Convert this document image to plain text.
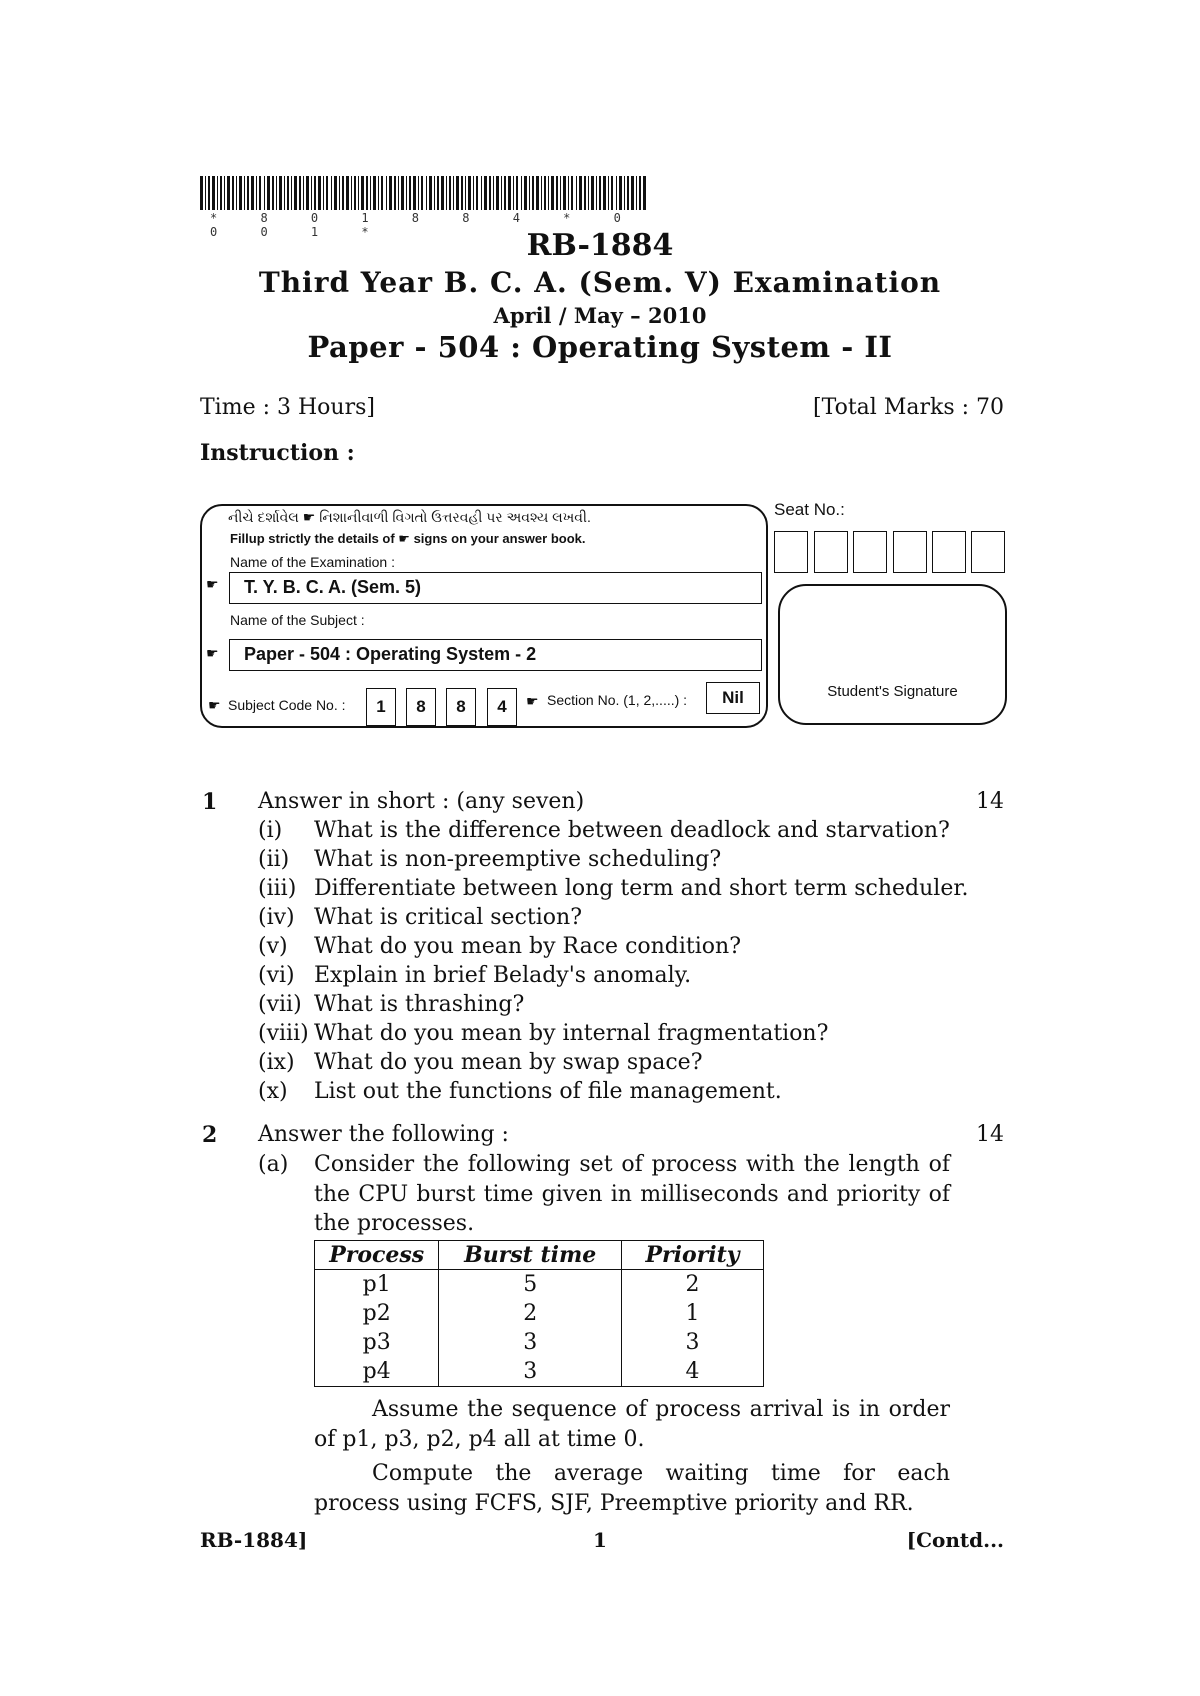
* 8 0 1 8 8 4 * 0 0 0 1 *	RB-1884
Third Year B. C. A. (Sem. V) Examination
April / May – 2010
Paper - 504 : Operating System - II
Time : 3 Hours]	[Total Marks : 70
Instruction :
નીચે દર્શાવેલ ☛ નિશાનીવાળી વિગતો ઉત્તરવહી પર અવશ્ય લખવી.
Fillup strictly the details of ☛ signs on your answer book.
Name of the Examination :
☛	T. Y. B. C. A. (Sem. 5)
Name of the Subject :
☛	Paper - 504 : Operating System - 2
☛ Subject Code No. :	1	8	8	4	☛ Section No. (1, 2,.....) :	Nil
Seat No.:
Student's Signature
1 Answer in short : (any seven)	14
(i) What is the difference between deadlock and starvation?
(ii) What is non-preemptive scheduling?
(iii) Differentiate between long term and short term scheduler.
(iv) What is critical section?
(v) What do you mean by Race condition?
(vi) Explain in brief Belady's anomaly.
(vii) What is thrashing?
(viii) What do you mean by internal fragmentation?
(ix) What do you mean by swap space?
(x) List out the functions of file management.
2 Answer the following :	14
(a) Consider the following set of process with the length of the CPU burst time given in milliseconds and priority of the processes.
Process	Burst time	Priority
p1	5	2
p2	2	1
p3	3	3
p4	3	4
Assume the sequence of process arrival is in order of p1, p3, p2, p4 all at time 0.
Compute the average waiting time for each process using FCFS, SJF, Preemptive priority and RR.
RB-1884]	1	[Contd...
